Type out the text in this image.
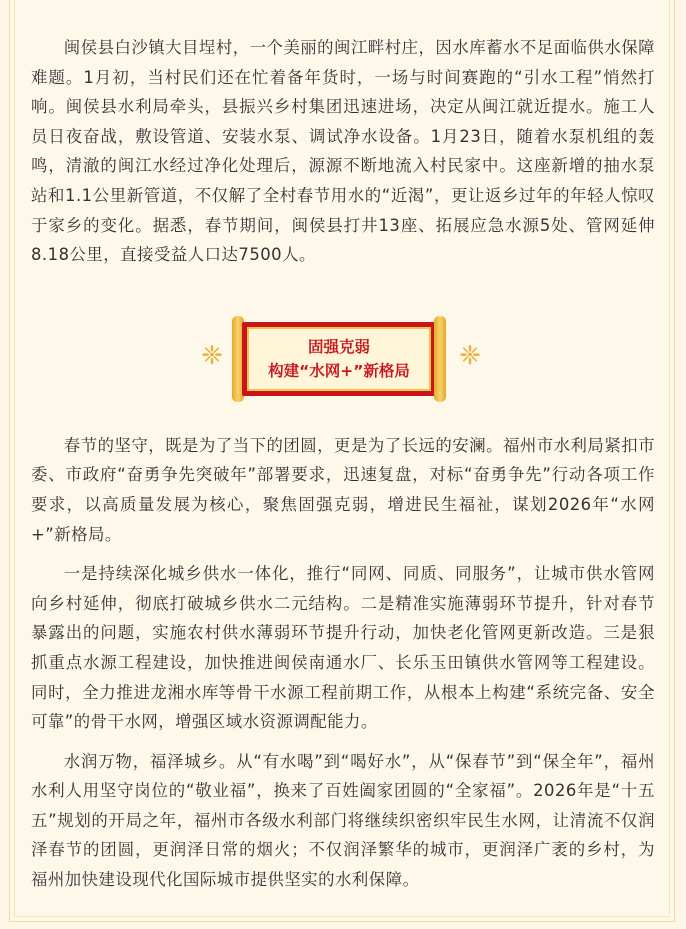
闽侯县白沙镇大目埕村，一个美丽的闽江畔村庄，因水库蓄水不足面临供水保障难题。1月初，当村民们还在忙着备年货时，一场与时间赛跑的“引水工程”悄然打响。闽侯县水利局牵头，县振兴乡村集团迅速进场，决定从闽江就近提水。施工人员日夜奋战，敷设管道、安装水泵、调试净水设备。1月23日，随着水泵机组的轰鸣，清澈的闽江水经过净化处理后，源源不断地流入村民家中。这座新增的抽水泵站和1.1公里新管道，不仅解了全村春节用水的“近渴”，更让返乡过年的年轻人惊叹于家乡的变化。据悉，春节期间，闽侯县打井13座、拓展应急水源5处、管网延伸8.18公里，直接受益人口达7500人。

春节的坚守，既是为了当下的团圆，更是为了长远的安澜。福州市水利局紧扣市委、市政府“奋勇争先突破年”部署要求，迅速复盘，对标“奋勇争先”行动各项工作要求，以高质量发展为核心，聚焦固强克弱，增进民生福祉，谋划2026年“水网+”新格局。

一是持续深化城乡供水一体化，推行“同网、同质、同服务”，让城市供水管网向乡村延伸，彻底打破城乡供水二元结构。二是精准实施薄弱环节提升，针对春节暴露出的问题，实施农村供水薄弱环节提升行动，加快老化管网更新改造。三是狠抓重点水源工程建设，加快推进闽侯南通水厂、长乐玉田镇供水管网等工程建设。同时，全力推进龙湘水库等骨干水源工程前期工作，从根本上构建“系统完备、安全可靠”的骨干水网，增强区域水资源调配能力。

水润万物，福泽城乡。从“有水喝”到“喝好水”，从“保春节”到“保全年”，福州水利人用坚守岗位的“敬业福”，换来了百姓阖家团圆的“全家福”。2026年是“十五五”规划的开局之年，福州市各级水利部门将继续织密织牢民生水网，让清流不仅润泽春节的团圆，更润泽日常的烟火；不仅润泽繁华的城市，更润泽广袤的乡村，为福州加快建设现代化国际城市提供坚实的水利保障。

❈	固强克弱
构建“水网+”新格局 ❈
